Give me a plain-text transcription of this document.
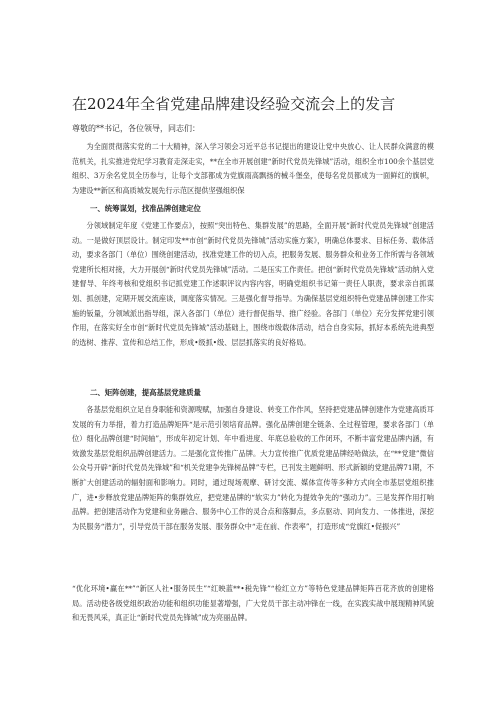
在2024年全省党建品牌建设经验交流会上的发言
尊敬的**书记，各位领导，同志们：

为全面贯彻落实党的二十大精神，深入学习领会习近平总书记提出的建设让党中央放心、让人民群众满意的模范机关，扎实推进党纪学习教育走深走实，**在全市开展创建“新时代党员先锋城”活动，组织全市100余个基层党组织、3万余名党员全历参与，让每个支部都成为党旗雨高飘扬的械斗堡垒，使每名党员都成为一面鲜红的旗帜，为建设**新区和高质城发展先行示范区提供坚强组织保

一、统筹谋划，找准品牌创建定位

分领域制定年度《党建工作要点》，按照“突出特色、集群发展”的思路，全面开展“新时代党员先锋城”创建活动。一是做好顶层设计。制定印发**市创“新时代党员先锋城”活动实施方案》，明确总体要求、目标任务、载体活动，要求各部门（单位）围绕创建活动，找准党建工作的切入点，把服务发展、服务群众和业务工作所需与各领域党建所长相对接，大力开展创“新时代党员先锋城”活动。二是压实工作责任。把创“新时代党员先锋城”活动纳入党建督导、年终考核和党组织书记抓党建工作述职评议内容内容，明确党组织书记第一责任人职责，要求亲自抓谋划、抓创建，定期开展交流座谈，调度落实情况。三是强化督导指导。为确保基层党组织特色党建品牌创建工作实施的钣量，分领域派出指导组，深入各部门（单位）进行督促指导、推广经验。各部门（单位）充分发挥党建引领作用，在落实好全市创“新时代党员先锋城”活动基础上，围绕市级载体活动，结合自身实际，抓好本系统先进典型的选树、推荐、宣传和总结工作，形成•级抓•级、层层抓落实的良好格局。

二、矩阵创建，提高基层党建质量

各基层党组织立足自身职能和资源嗖赋，加强自身建设、转变工作作风，坚持把党建品牌创建作为党建高质耳发展的有力举措，着力打造品牌矩阵“是示范引领培育品牌。强化品牌创建全链条、全过程管理，要求各部门（单位）细化品牌创建“时间轴”，形成年初定计划、年中看进度、年底总验收的工作闭环，不断丰富党建品牌内涵，有效激发基层党组织品牌创建活力。二是强化宣传推广品牌。大力宣传推广优质党建品牌经哈做法，在“**党建”微信公众号开辟“新时代党员先锋城”和“机关党建争先锋树品牌”专栏，已刊发主题鲜明、形式新颖的党建品牌71期，不断扩大创建活动的辐射面和影响力。同时，通过现场观摩、研讨交流、媒体宣传等多种方式向全市基层党组织推广，进•步释放党建品牌矩阵的集群效应，把党建品牌的“软实力”转化为提效争先的“强动力”。三是发挥作用打响品牌。把创建活动作为党建和业务融合、服务中心工作的灵合点和落脚点，多点驱动、同向发力、一体推进，深挖为民服务“潜力”，引导党员干部在服务发展、服务群众中“走在前、作表率”，打造形成“党旗红•促振兴”

“优化环境•赢在**”“新区人社•服务民生”“红映蓝**•税先锋”“检红立方”等特色党建品牌矩阵百花齐放的创建格局。活动使各级党组织政治功能和组织功能显著增强，广大党员干部主动冲锋在一线，在实践实战中展现精神风貌和无畏风采，真正让“新时代党员先锋城”成为亮丽品牌。
